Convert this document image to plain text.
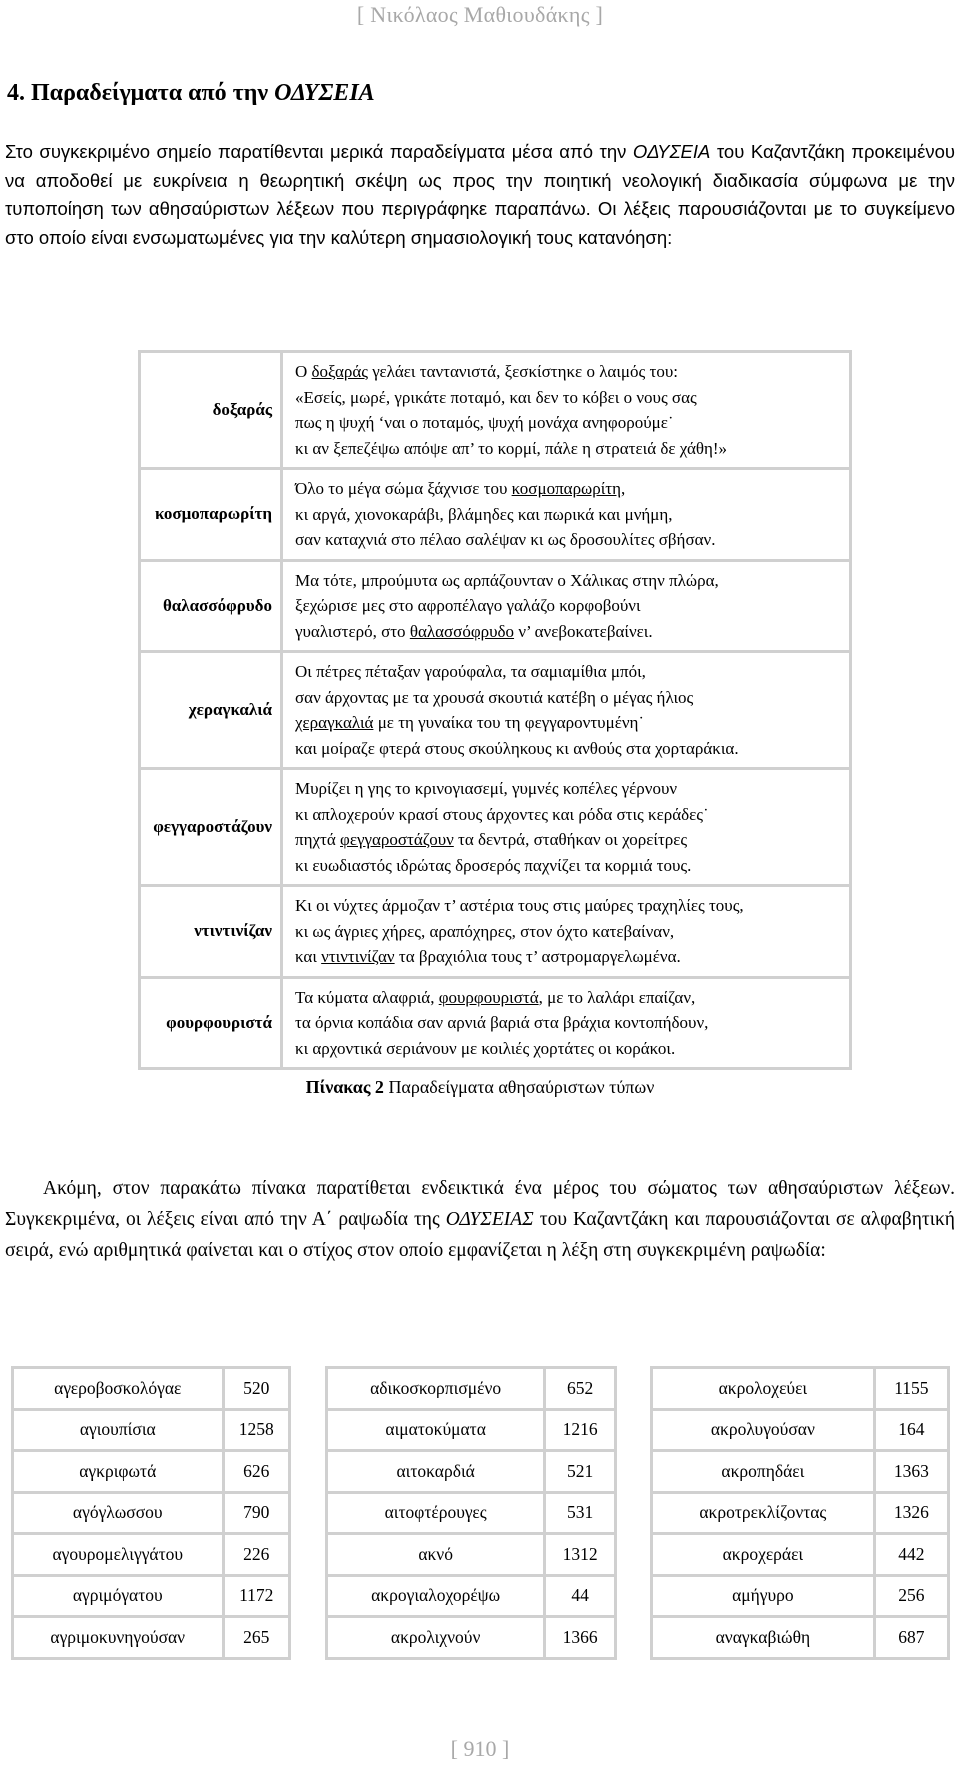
[ Νικόλαος Μαθιουδάκης ]
4. Παραδείγματα από την ΟΔΥΣΕΙΑ

Στο συγκεκριμένο σημείο παρατίθενται μερικά παραδείγματα μέσα από την ΟΔΥΣΕΙΑ του Καζαντζάκη προκειμένου να αποδοθεί με ευκρίνεια η θεωρητική σκέψη ως προς την ποιητική νεολογική διαδικασία σύμφωνα με την τυποποίηση των αθησαύριστων λέξεων που περιγράφηκε παραπάνω. Οι λέξεις παρουσιάζονται με το συγκείμενο στο οποίο είναι ενσωματωμένες για την καλύτερη σημασιολογική τους κατανόηση:

δοξαράς	Ο δοξαράς γελάει ταντανιστά, ξεσκίστηκε ο λαιμός του:
«Εσείς, μωρέ, γρικάτε ποταμό, και δεν το κόβει ο νους σας
πως η ψυχή ‘ναι ο ποταμός, ψυχή μονάχα ανηφορούμε˙
κι αν ξεπεζέψω απόψε απ’ το κορμί, πάλε η στρατειά δε χάθη!»

κοσμοπαρωρίτη	Όλο το μέγα σώμα ξάχνισε του κοσμοπαρωρίτη,
κι αργά, χιονοκαράβι, βλάμηδες και πωρικά και μνήμη,
σαν καταχνιά στο πέλαο σαλέψαν κι ως δροσουλίτες σβήσαν.

θαλασσόφρυδο	Μα τότε, μπρούμυτα ως αρπάζουνταν ο Χάλικας στην πλώρα,
ξεχώρισε μες στο αφροπέλαγο γαλάζο κορφοβούνι
γυαλιστερό, στο θαλασσόφρυδο ν’ ανεβοκατεβαίνει.

χεραγκαλιά	Οι πέτρες πέταξαν γαρούφαλα, τα σαμιαμίθια μπόι,
σαν άρχοντας με τα χρουσά σκουτιά κατέβη ο μέγας ήλιος
χεραγκαλιά με τη γυναίκα του τη φεγγαροντυμένη˙
και μοίραζε φτερά στους σκούληκους κι ανθούς στα χορταράκια.

φεγγαροστάζουν	Μυρίζει η γης το κρινογιασεμί, γυμνές κοπέλες γέρνουν
κι απλοχερούν κρασί στους άρχοντες και ρόδα στις κεράδες˙
πηχτά φεγγαροστάζουν τα δεντρά, σταθήκαν οι χορείτρες
κι ευωδιαστός ιδρώτας δροσερός παχνίζει τα κορμιά τους.

ντιντινίζαν	Κι οι νύχτες άρμοζαν τ’ αστέρια τους στις μαύρες τραχηλίες τους,
κι ως άγριες χήρες, αραπόχηρες, στον όχτο κατεβαίναν,
και ντιντινίζαν τα βραχιόλια τους τ’ αστρομαργελωμένα.

φουρφουριστά	Τα κύματα αλαφριά, φουρφουριστά, με το λαλάρι επαίζαν,
τα όρνια κοπάδια σαν αρνιά βαριά στα βράχια κοντοπήδουν,
κι αρχοντικά σεριάνουν με κοιλιές χορτάτες οι κοράκοι.
Πίνακας 2 Παραδείγματα αθησαύριστων τύπων

Ακόμη, στον παρακάτω πίνακα παρατίθεται ενδεικτικά ένα μέρος του σώματος των αθησαύριστων λέξεων. Συγκεκριμένα, οι λέξεις είναι από την Α΄ ραψωδία της ΟΔΥΣΕΙΑΣ του Καζαντζάκη και παρουσιάζονται σε αλφαβητική σειρά, ενώ αριθμητικά φαίνεται και ο στίχος στον οποίο εμφανίζεται η λέξη στη συγκεκριμένη ραψωδία:

αγεροβοσκολόγαε	520
αγιουπίσια	1258
αγκριφωτά	626
αγόγλωσσου	790
αγουρομελιγγάτου	226
αγριμόγατου	1172
αγριμοκυνηγούσαν	265
αδικοσκορπισμένο	652
αιματοκύματα	1216
αιτοκαρδιά	521
αιτοφτέρουγες	531
ακνό	1312
ακρογιαλοχορέψω	44
ακρολιχνούν	1366
ακρολοχεύει	1155
ακρολυγούσαν	164
ακροπηδάει	1363
ακροτρεκλίζοντας	1326
ακροχεράει	442
αμήγυρο	256
αναγκαβιώθη	687
[ 910 ]
